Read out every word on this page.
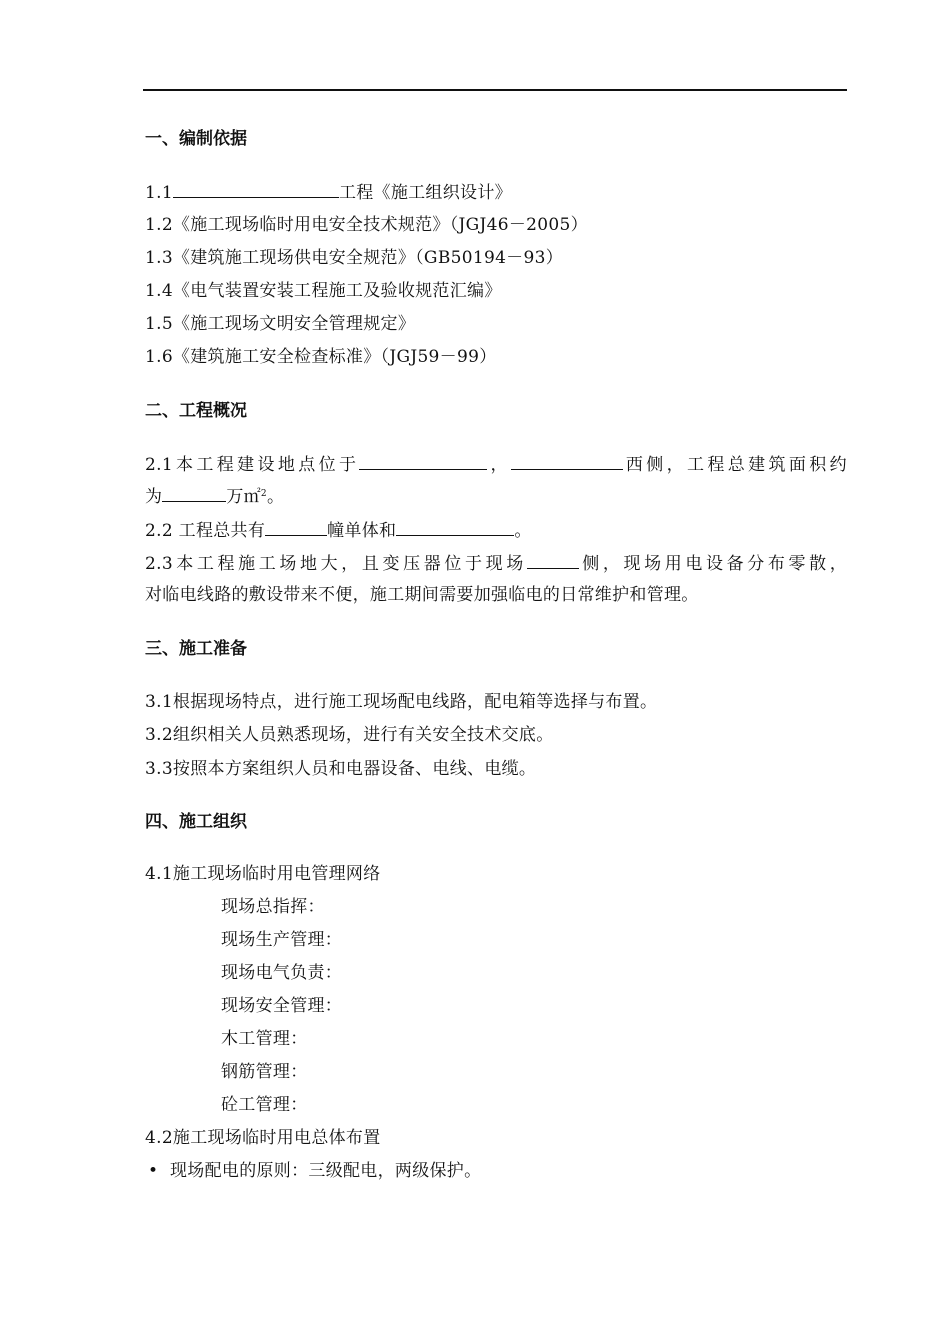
一、编制依据
1.1	工程《施工组织设计》
1.2《施工现场临时用电安全技术规范》（JGJ46－2005）
1.3《建筑施工现场供电安全规范》（GB50194－93）
1.4《电气装置安装工程施工及验收规范汇编》
1.5《施工现场文明安全管理规定》
1.6《建筑施工安全检查标准》（JGJ59－99）
二、工程概况
2.1本工程建设地点位于	，	西侧，工程总建筑面积约
为	万㎡$^2$。
2.2 工程总共有	幢单体和	。
2.3本工程施工场地大，且变压器位于现场	侧，现场用电设备分布零散，
对临电线路的敷设带来不便，施工期间需要加强临电的日常维护和管理。
三、施工准备
3.1根据现场特点，进行施工现场配电线路，配电箱等选择与布置。
3.2组织相关人员熟悉现场，进行有关安全技术交底。
3.3按照本方案组织人员和电器设备、电线、电缆。
四、施工组织
4.1施工现场临时用电管理网络
现场总指挥：
现场生产管理：
现场电气负责：
现场安全管理：
木工管理：
钢筋管理：
砼工管理：
4.2施工现场临时用电总体布置
• 现场配电的原则：三级配电，两级保护。
